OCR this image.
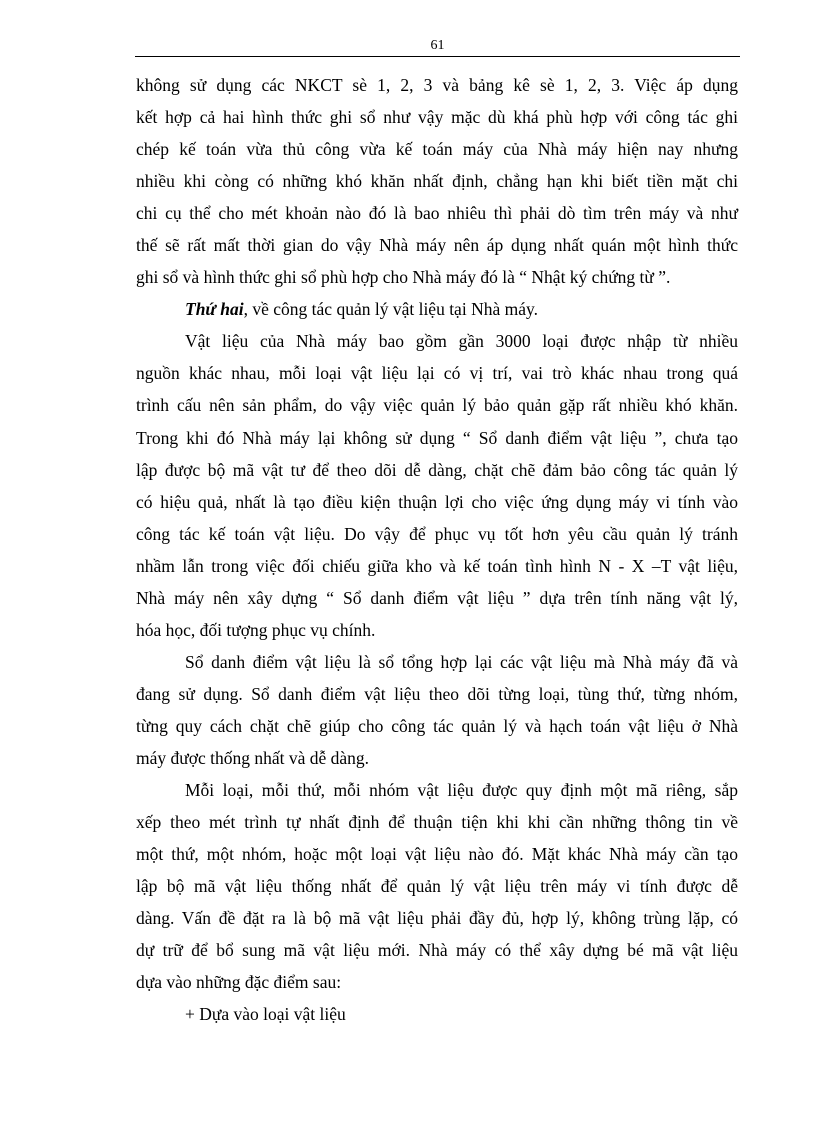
61
không sử dụng các NKCT sè 1, 2, 3 và bảng kê sè 1, 2, 3. Việc áp dụng
kết hợp cả hai hình thức ghi sổ như vậy mặc dù khá phù hợp với công tác ghi
chép kế toán vừa thủ công vừa kế toán máy của Nhà máy hiện nay nhưng
nhiều khi còng có những khó khăn nhất định, chẳng hạn khi biết tiền mặt chi
chi cụ thể cho mét khoản nào đó là bao nhiêu thì phải dò tìm trên máy và như
thế sẽ rất mất thời gian do vậy Nhà máy nên áp dụng nhất quán một hình thức
ghi sổ và hình thức ghi sổ phù hợp cho Nhà máy đó là “ Nhật ký chứng từ ”.
Thứ hai, về công tác quản lý vật liệu tại Nhà máy.
Vật liệu của Nhà máy bao gồm gần 3000 loại được nhập từ nhiều
nguồn khác nhau, mỗi loại vật liệu lại có vị trí, vai trò khác nhau trong quá
trình cấu nên sản phẩm, do vậy việc quản lý bảo quản gặp rất nhiều khó khăn.
Trong khi đó Nhà máy lại không sử dụng “ Sổ danh điểm vật liệu ”, chưa tạo
lập được bộ mã vật tư để theo dõi dễ dàng, chặt chẽ đảm bảo công tác quản lý
có hiệu quả, nhất là tạo điều kiện thuận lợi cho việc ứng dụng máy vi tính vào
công tác kế toán vật liệu. Do vậy để phục vụ tốt hơn yêu cầu quản lý tránh
nhầm lẫn trong việc đối chiếu giữa kho và kế toán tình hình N - X –T vật liệu,
Nhà máy nên xây dựng “ Sổ danh điểm vật liệu ” dựa trên tính năng vật lý,
hóa học, đối tượng phục vụ chính.
Sổ danh điểm vật liệu là sổ tổng hợp lại các vật liệu mà Nhà máy đã và
đang sử dụng. Sổ danh điểm vật liệu theo dõi từng loại, tùng thứ, từng nhóm,
từng quy cách chặt chẽ giúp cho công tác quản lý và hạch toán vật liệu ở Nhà
máy được thống nhất và dễ dàng.
Mỗi loại, mỗi thứ, mỗi nhóm vật liệu được quy định một mã riêng, sắp
xếp theo mét trình tự nhất định để thuận tiện khi khi cần những thông tin về
một thứ, một nhóm, hoặc một loại vật liệu nào đó. Mặt khác Nhà máy cần tạo
lập bộ mã vật liệu thống nhất để quản lý vật liệu trên máy vi tính được dễ
dàng. Vấn đề đặt ra là bộ mã vật liệu phải đầy đủ, hợp lý, không trùng lặp, có
dự trữ để bổ sung mã vật liệu mới. Nhà máy có thể xây dựng bé mã vật liệu
dựa vào những đặc điểm sau:
+ Dựa vào loại vật liệu
